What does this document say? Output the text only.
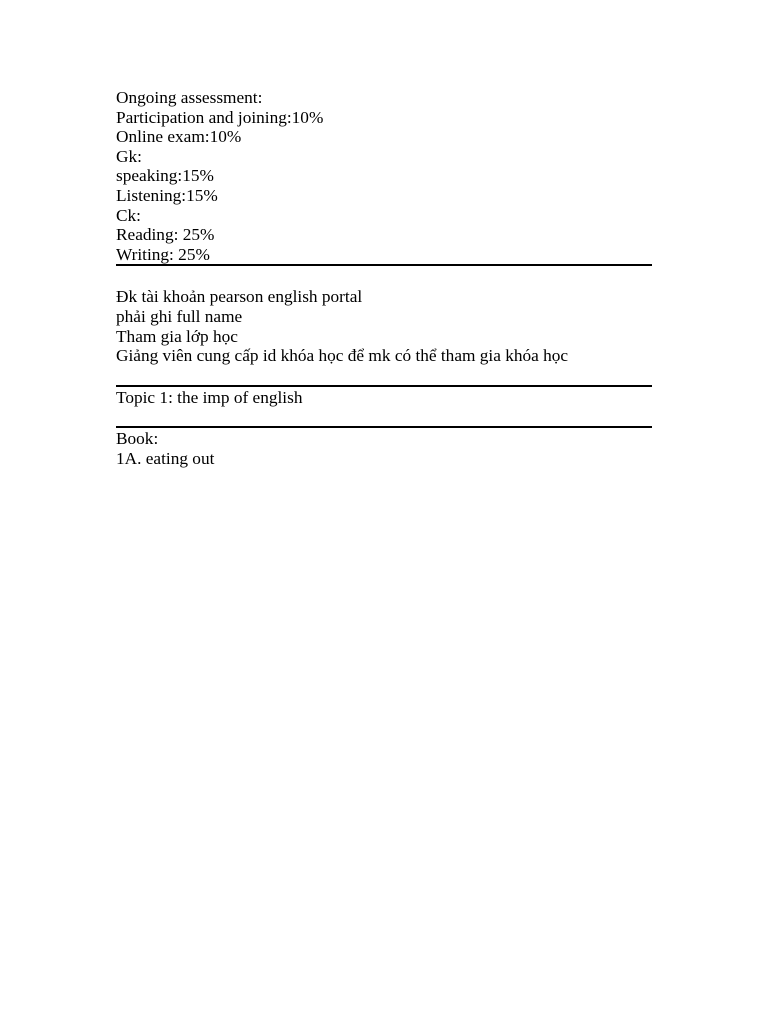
Ongoing assessment:
Participation and joining:10%
Online exam:10%
Gk:
speaking:15%
Listening:15%
Ck:
Reading: 25%
Writing: 25%
Đk tài khoản pearson english portal
phải ghi full name
Tham gia lớp học
Giảng viên cung cấp id khóa học để mk có thể tham gia khóa học
Topic 1: the imp of english
Book:
1A. eating out
